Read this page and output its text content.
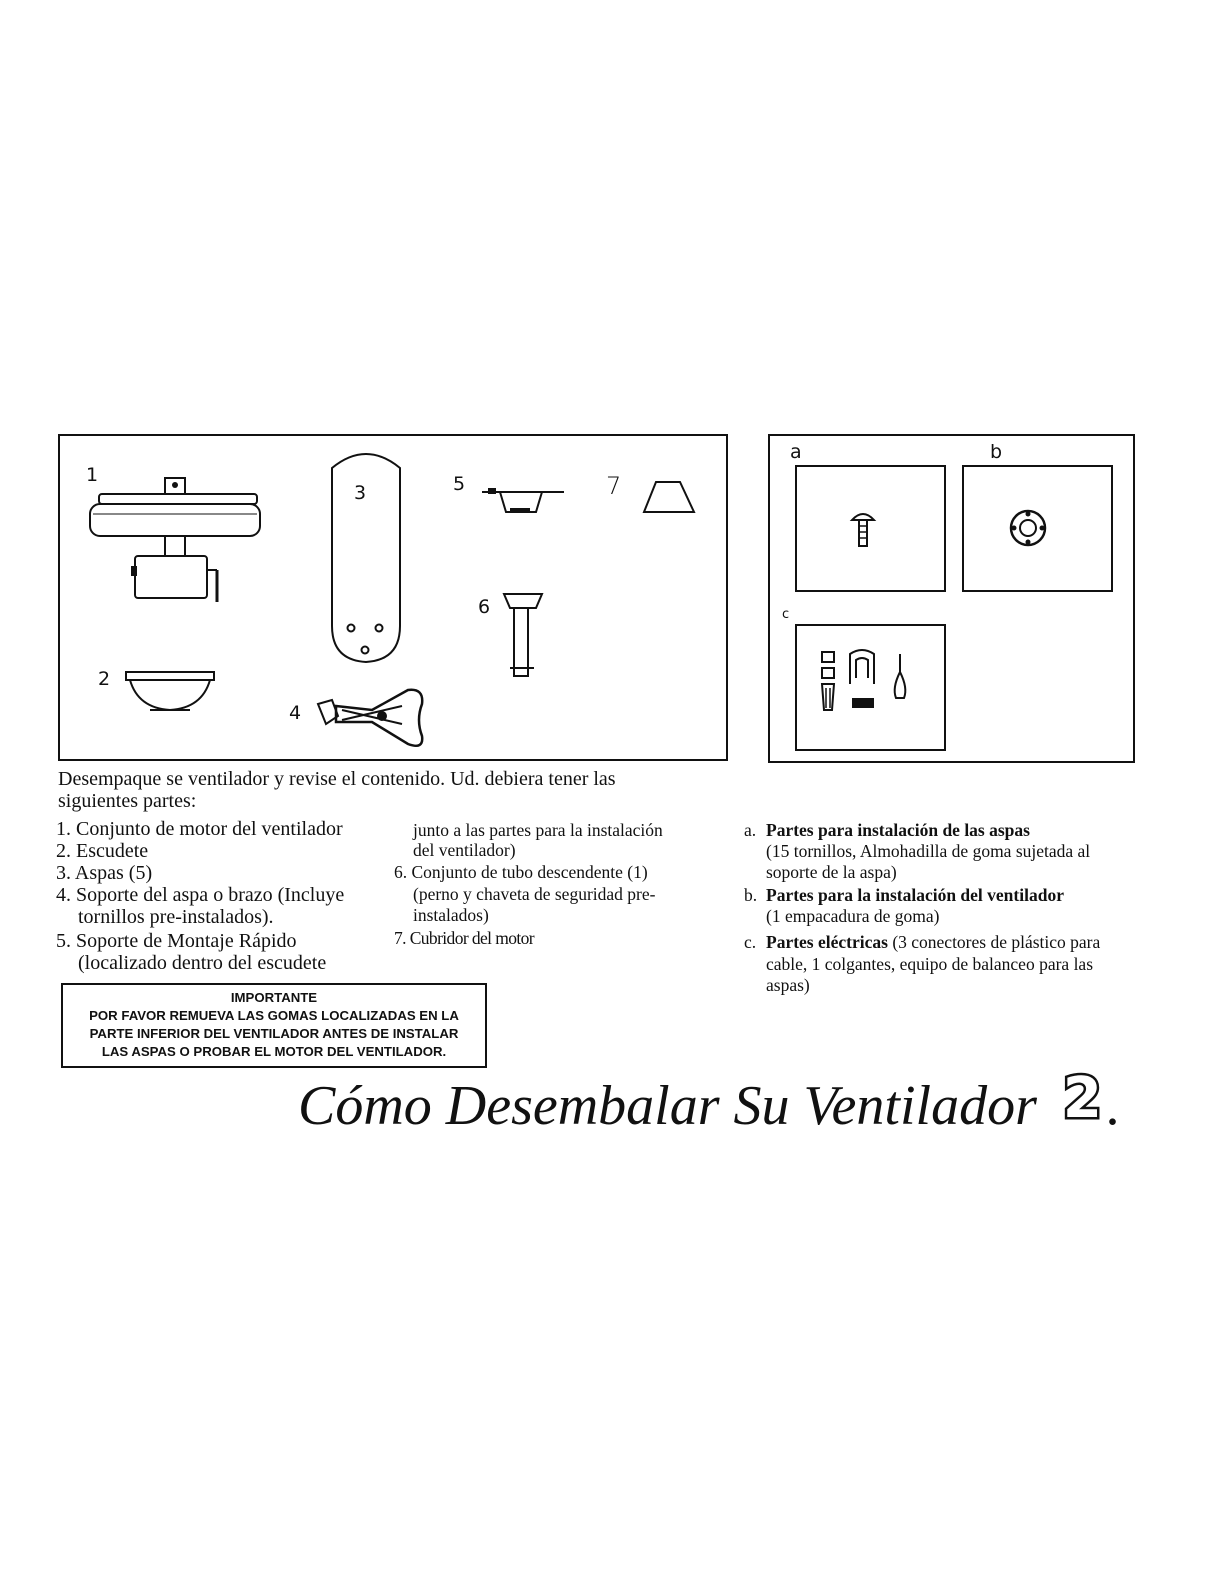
1
2
3
4
5
6
7
a	b
c
Desempaque se ventilador y revise el contenido. Ud. debiera tener las
siguientes partes:
1. Conjunto de motor del ventilador
2. Escudete
3. Aspas (5)
4. Soporte del aspa o brazo (Incluye
tornillos pre-instalados).
5. Soporte de Montaje Rápido
(localizado dentro del escudete
junto a las partes para la instalación
del ventilador)
6. Conjunto de tubo descendente (1)
(perno y chaveta de seguridad pre-
instalados)
7. Cubridor del motor
a. Partes para instalación de las aspas
(15 tornillos, Almohadilla de goma sujetada al
soporte de la aspa)
b. Partes para la instalación del ventilador
(1 empacadura de goma)
c. Partes eléctricas (3 conectores de plástico para
cable, 1 colgantes, equipo de balanceo para las
aspas)
IMPORTANTE
POR FAVOR REMUEVA LAS GOMAS LOCALIZADAS EN LA
PARTE INFERIOR DEL VENTILADOR ANTES DE INSTALAR
LAS ASPAS O PROBAR EL MOTOR DEL VENTILADOR.
Cómo Desembalar Su Ventilador 2 .
